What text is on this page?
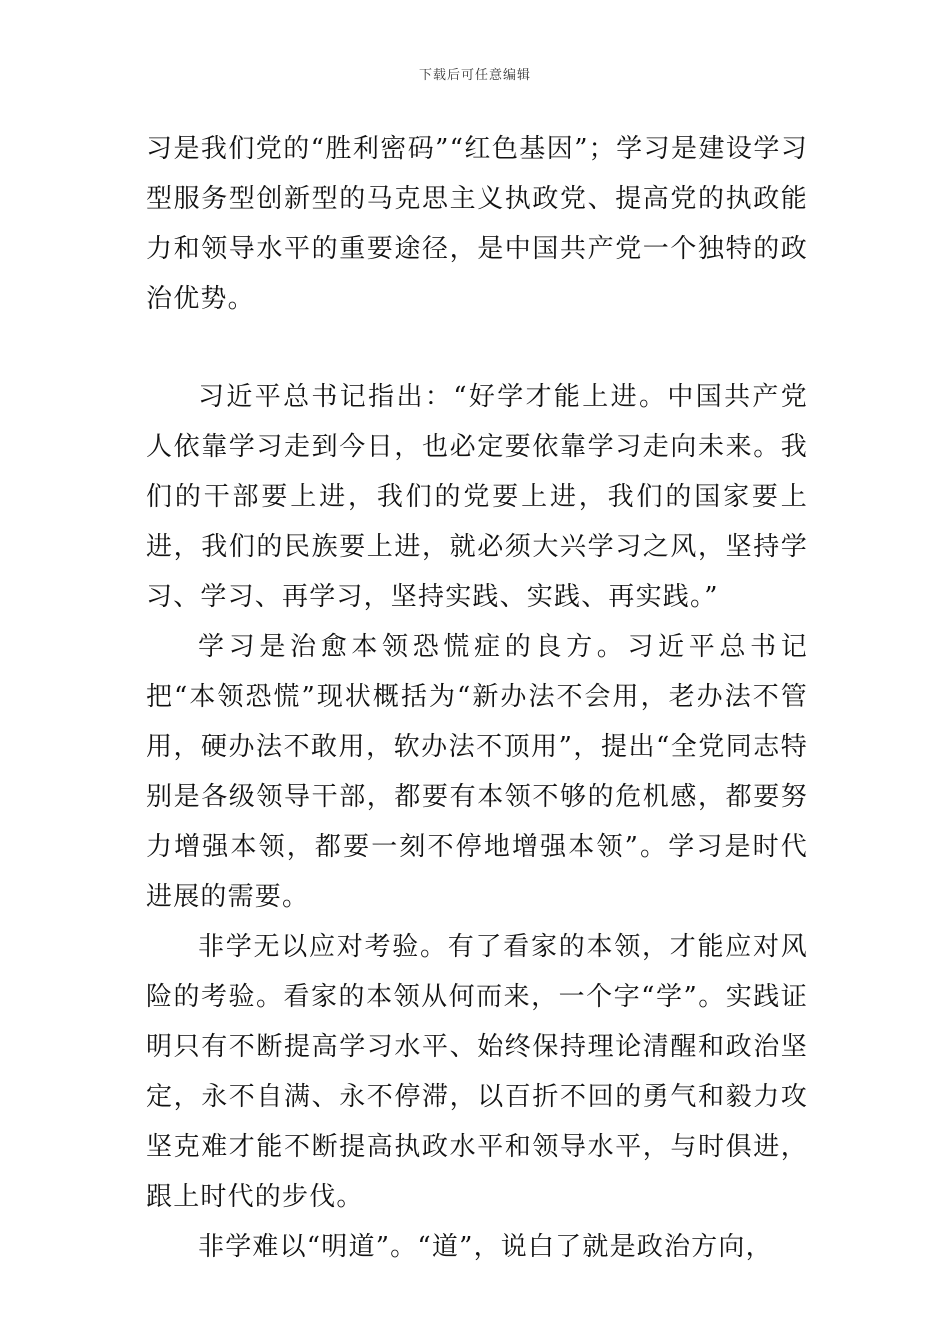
下载后可任意编辑

习是我们党的“胜利密码”“红色基因”；学习是建设学习型服务型创新型的马克思主义执政党、提高党的执政能力和领导水平的重要途径，是中国共产党一个独特的政治优势。

习近平总书记指出：“好学才能上进。中国共产党人依靠学习走到今日，也必定要依靠学习走向未来。我们的干部要上进，我们的党要上进，我们的国家要上进，我们的民族要上进，就必须大兴学习之风，坚持学习、学习、再学习，坚持实践、实践、再实践。”

学习是治愈本领恐慌症的良方。习近平总书记把“本领恐慌”现状概括为“新办法不会用，老办法不管用，硬办法不敢用，软办法不顶用”，提出“全党同志特别是各级领导干部，都要有本领不够的危机感，都要努力增强本领，都要一刻不停地增强本领”。学习是时代进展的需要。

非学无以应对考验。有了看家的本领，才能应对风险的考验。看家的本领从何而来，一个字“学”。实践证明只有不断提高学习水平、始终保持理论清醒和政治坚定，永不自满、永不停滞，以百折不回的勇气和毅力攻坚克难才能不断提高执政水平和领导水平，与时俱进，跟上时代的步伐。

非学难以“明道”。“道”，说白了就是政治方向，
